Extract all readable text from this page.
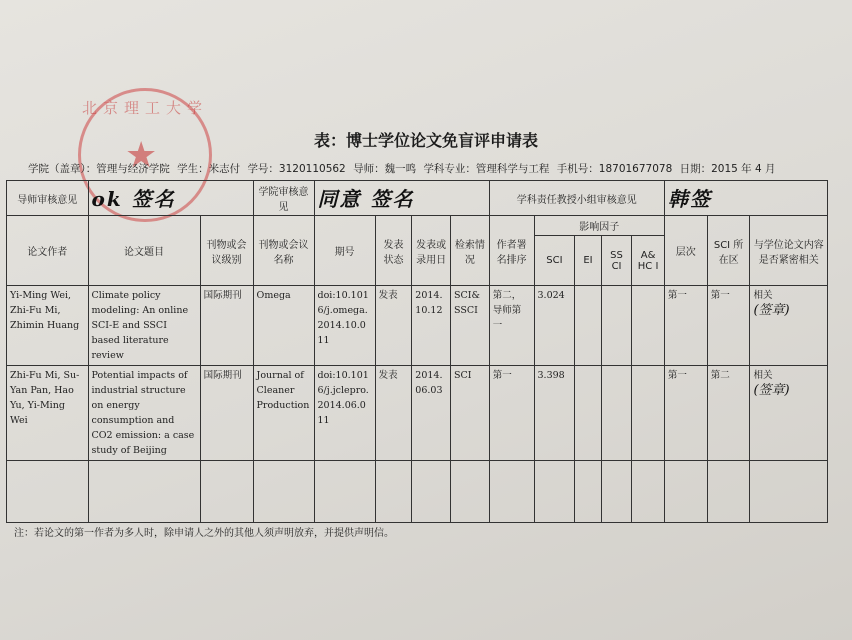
北京理工大学
★	表：博士学位论文免盲评申请表
学院（盖章）：管理与经济学院 学生：米志付 学号：3120110562 导师：魏一鸣 学科专业：管理科学与工程 手机号：18701677078 日期：2015 年 4 月
导师审核意见	ok 签名		学院审核意见	同意 签名				学科责任教授小组审核意见					韩签		
论文作者	论文题目	刊物或会议级别	刊物或会议名称	期号	发表状态	发表或录用日	检索情况	作者署名排序	影响因子				层次	SCI 所在区	与学位论文内容是否紧密相关
									SCI	EI	SS CI	A& HC I			
Yi-Ming Wei, Zhi-Fu Mi, Zhimin Huang	Climate policy modeling: An online SCI-E and SSCI based literature review	国际期刊	Omega	doi:10.1016/j.omega.2014.10.011	发表	2014.10.12	SCI&SSCI	第二，导师第一	3.024				第一	第一	相关
(签章)

Zhi-Fu Mi, Su-Yan Pan, Hao Yu, Yi-Ming Wei	Potential impacts of industrial structure on energy consumption and CO2 emission: a case study of Beijing	国际期刊	Journal of Cleaner Production	doi:10.1016/j.jclepro.2014.06.011	发表	2014.06.03	SCI	第一	3.398				第一	第二	相关
(签章)

注：若论文的第一作者为多人时，除申请人之外的其他人须声明放弃，并提供声明信。
